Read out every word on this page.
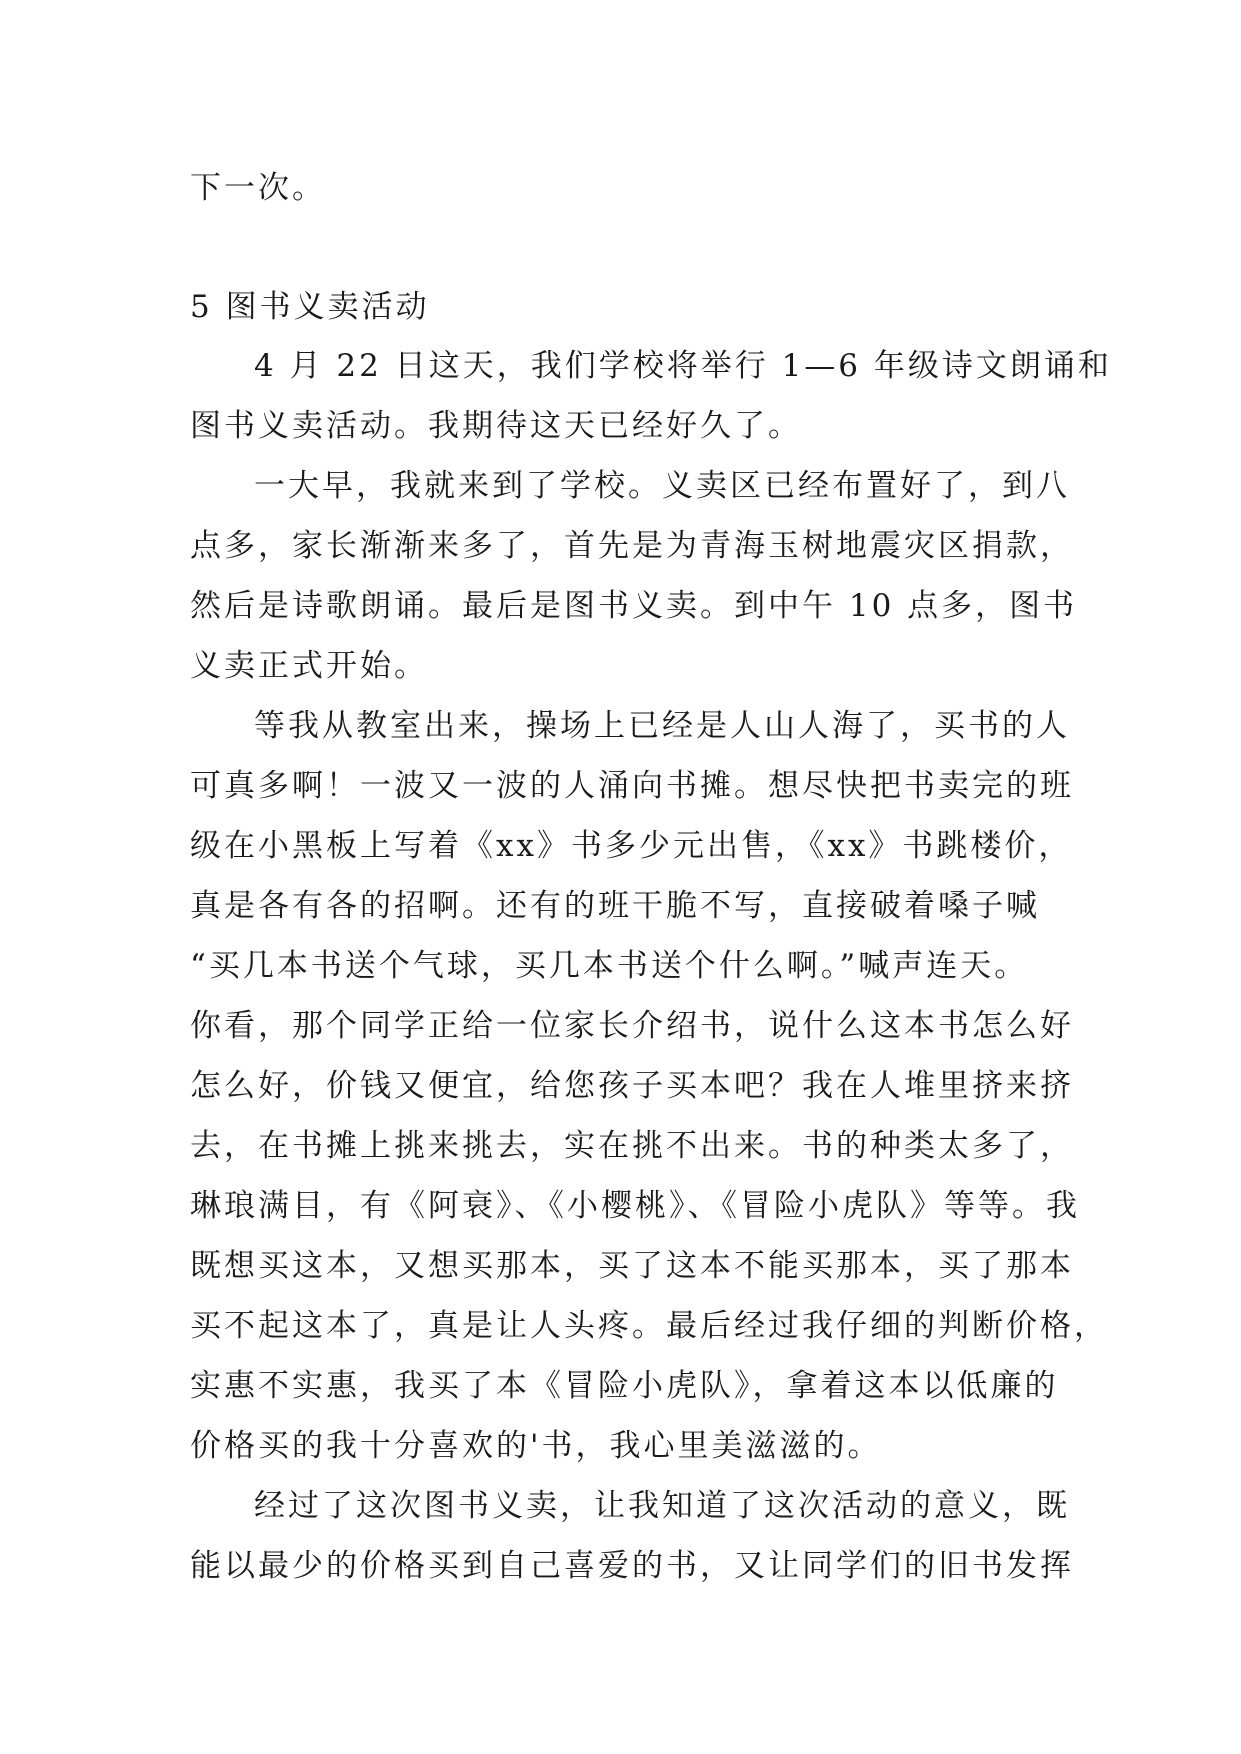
下一次。
5 图书义卖活动
4 月 22 日这天，我们学校将举行 1—6 年级诗文朗诵和
图书义卖活动。我期待这天已经好久了。
一大早，我就来到了学校。义卖区已经布置好了，到八
点多，家长渐渐来多了，首先是为青海玉树地震灾区捐款，
然后是诗歌朗诵。最后是图书义卖。到中午 10 点多，图书
义卖正式开始。
等我从教室出来，操场上已经是人山人海了，买书的人
可真多啊！一波又一波的人涌向书摊。想尽快把书卖完的班
级在小黑板上写着《xx》书多少元出售，《xx》书跳楼价，
真是各有各的招啊。还有的班干脆不写，直接破着嗓子喊
“买几本书送个气球，买几本书送个什么啊。”喊声连天。
你看，那个同学正给一位家长介绍书，说什么这本书怎么好
怎么好，价钱又便宜，给您孩子买本吧？我在人堆里挤来挤
去，在书摊上挑来挑去，实在挑不出来。书的种类太多了，
琳琅满目，有《阿衰》、《小樱桃》、《冒险小虎队》等等。我
既想买这本，又想买那本，买了这本不能买那本，买了那本
买不起这本了，真是让人头疼。最后经过我仔细的判断价格，
实惠不实惠，我买了本《冒险小虎队》，拿着这本以低廉的
价格买的我十分喜欢的'书，我心里美滋滋的。
经过了这次图书义卖，让我知道了这次活动的意义，既
能以最少的价格买到自己喜爱的书，又让同学们的旧书发挥
